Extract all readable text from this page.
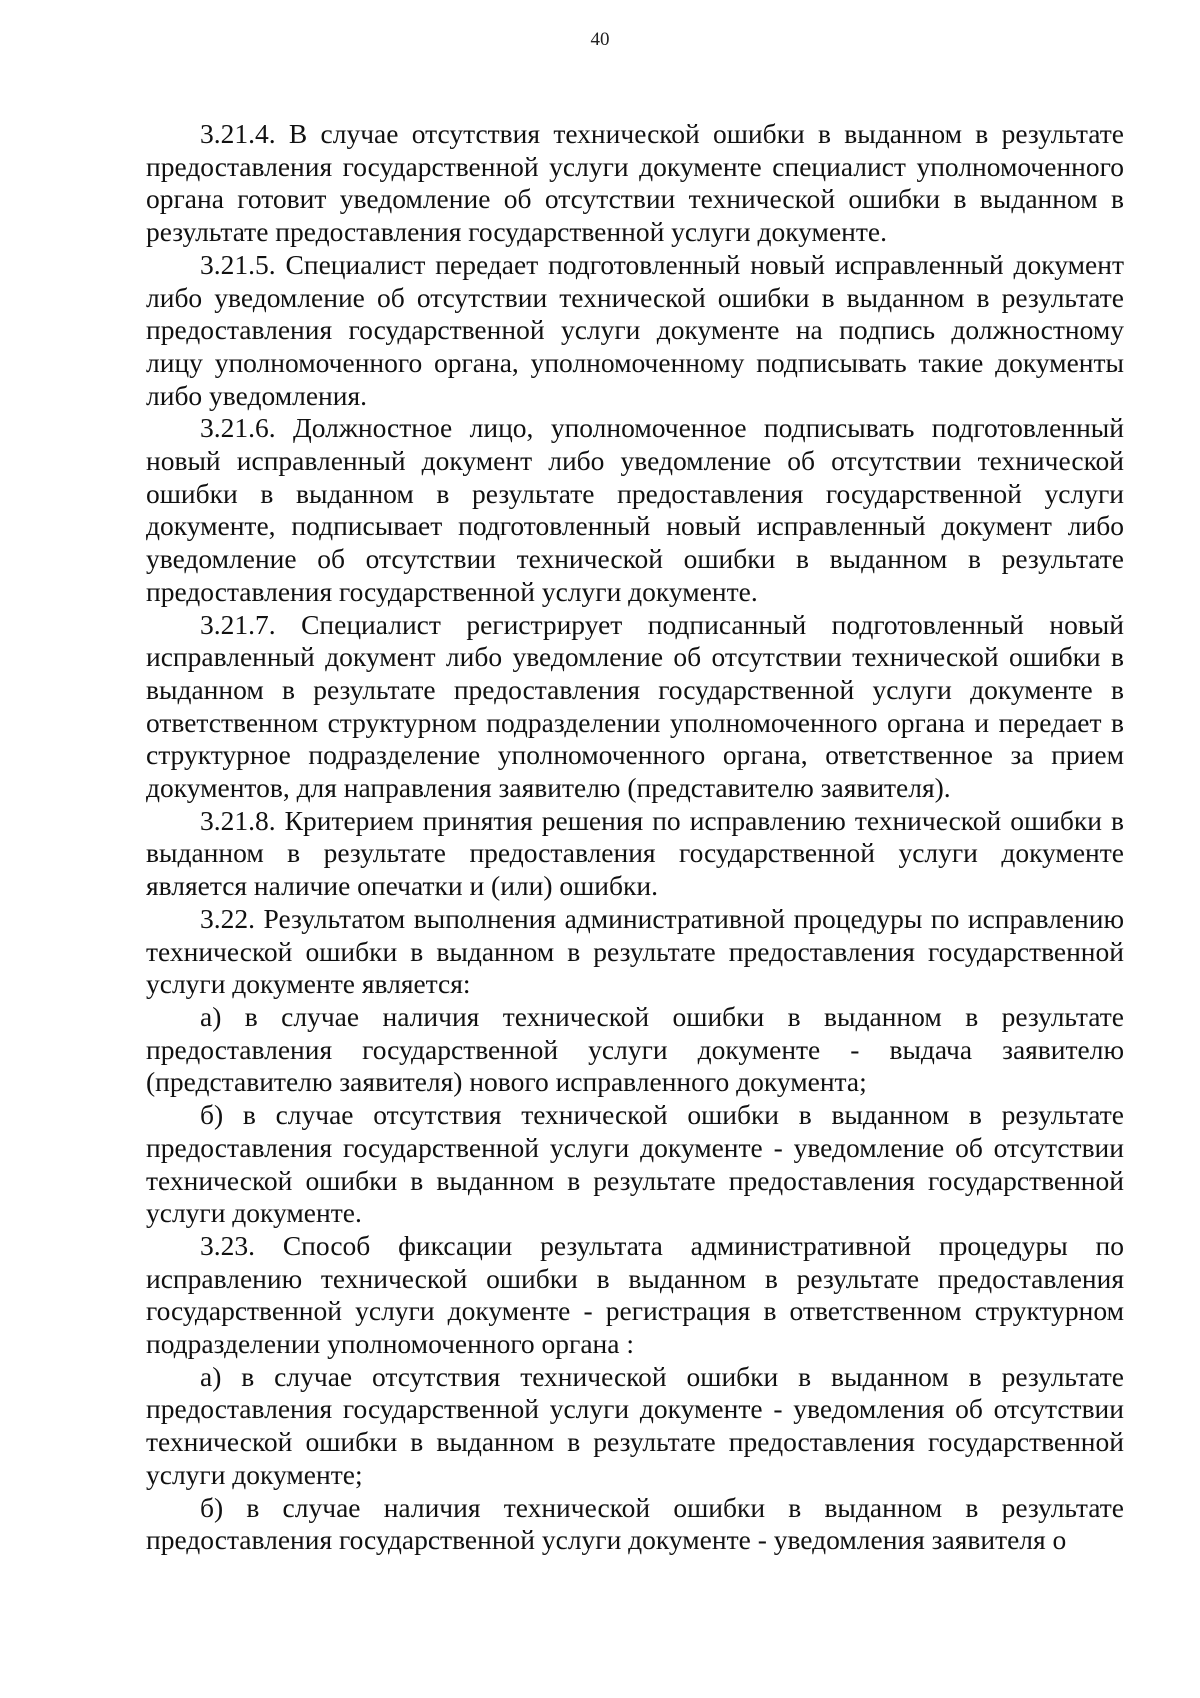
40

3.21.4. В случае отсутствия технической ошибки в выданном в результате предоставления государственной услуги документе специалист уполномоченного органа готовит уведомление об отсутствии технической ошибки в выданном в результате предоставления государственной услуги документе.

3.21.5. Специалист передает подготовленный новый исправленный документ либо уведомление об отсутствии технической ошибки в выданном в результате предоставления государственной услуги документе на подпись должностному лицу уполномоченного органа, уполномоченному подписывать такие документы либо уведомления.

3.21.6. Должностное лицо, уполномоченное подписывать подготовленный новый исправленный документ либо уведомление об отсутствии технической ошибки в выданном в результате предоставления государственной услуги документе, подписывает подготовленный новый исправленный документ либо уведомление об отсутствии технической ошибки в выданном в результате предоставления государственной услуги документе.

3.21.7. Специалист регистрирует подписанный подготовленный новый исправленный документ либо уведомление об отсутствии технической ошибки в выданном в результате предоставления государственной услуги документе в ответственном структурном подразделении уполномоченного органа и передает в структурное подразделение уполномоченного органа, ответственное за прием документов, для направления заявителю (представителю заявителя).

3.21.8. Критерием принятия решения по исправлению технической ошибки в выданном в результате предоставления государственной услуги документе является наличие опечатки и (или) ошибки.

3.22. Результатом выполнения административной процедуры по исправлению технической ошибки в выданном в результате предоставления государственной услуги документе является:

а) в случае наличия технической ошибки в выданном в результате предоставления государственной услуги документе - выдача заявителю (представителю заявителя) нового исправленного документа;

б) в случае отсутствия технической ошибки в выданном в результате предоставления государственной услуги документе - уведомление об отсутствии технической ошибки в выданном в результате предоставления государственной услуги документе.

3.23. Способ фиксации результата административной процедуры по исправлению технической ошибки в выданном в результате предоставления государственной услуги документе - регистрация в ответственном структурном подразделении уполномоченного органа :

а) в случае отсутствия технической ошибки в выданном в результате предоставления государственной услуги документе - уведомления об отсутствии технической ошибки в выданном в результате предоставления государственной услуги документе;

б) в случае наличия технической ошибки в выданном в результате предоставления государственной услуги документе - уведомления заявителя о
